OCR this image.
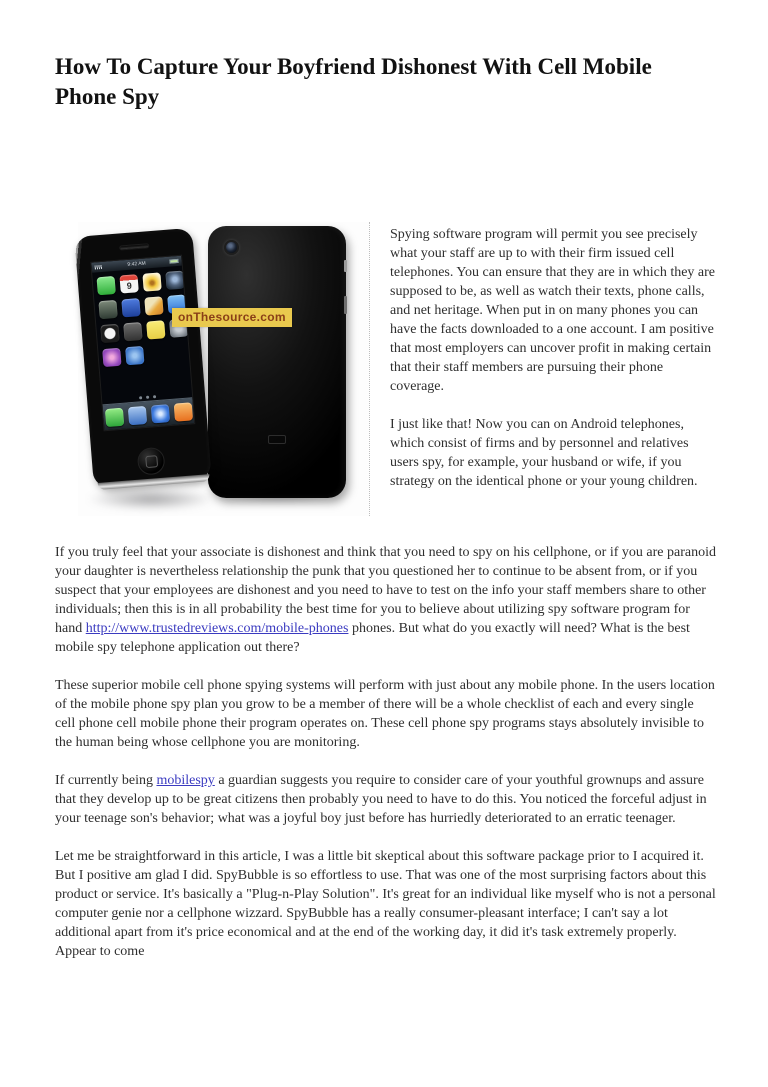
How To Capture Your Boyfriend Dishonest With Cell Mobile Phone Spy
9:42 AM
9
onThesource.com

Spying software program will permit you see precisely what your staff are up to with their firm issued cell telephones. You can ensure that they are in which they are supposed to be, as well as watch their texts, phone calls, and net heritage. When put in on many phones you can have the facts downloaded to a one account. I am positive that most employers can uncover profit in making certain that their staff members are pursuing their phone coverage.

I just like that! Now you can on Android telephones, which consist of firms and by personnel and relatives users spy, for example, your husband or wife, if you strategy on the identical phone or your young children.

If you truly feel that your associate is dishonest and think that you need to spy on his cellphone, or if you are paranoid your daughter is nevertheless relationship the punk that you questioned her to continue to be absent from, or if you suspect that your employees are dishonest and you need to have to test on the info your staff members share to other individuals; then this is in all probability the best time for you to believe about utilizing spy software program for hand http://www.trustedreviews.com/mobile-phones phones. But what do you exactly will need? What is the best mobile spy telephone application out there?

These superior mobile cell phone spying systems will perform with just about any mobile phone. In the users location of the mobile phone spy plan you grow to be a member of there will be a whole checklist of each and every single cell phone cell mobile phone their program operates on. These cell phone spy programs stays absolutely invisible to the human being whose cellphone you are monitoring.

If currently being mobilespy a guardian suggests you require to consider care of your youthful grownups and assure that they develop up to be great citizens then probably you need to have to do this. You noticed the forceful adjust in your teenage son's behavior; what was a joyful boy just before has hurriedly deteriorated to an erratic teenager.

Let me be straightforward in this article, I was a little bit skeptical about this software package prior to I acquired it. But I positive am glad I did. SpyBubble is so effortless to use. That was one of the most surprising factors about this product or service. It's basically a "Plug-n-Play Solution". It's great for an individual like myself who is not a personal computer genie nor a cellphone wizzard. SpyBubble has a really consumer-pleasant interface; I can't say a lot additional apart from it's price economical and at the end of the working day, it did it's task extremely properly. Appear to come
